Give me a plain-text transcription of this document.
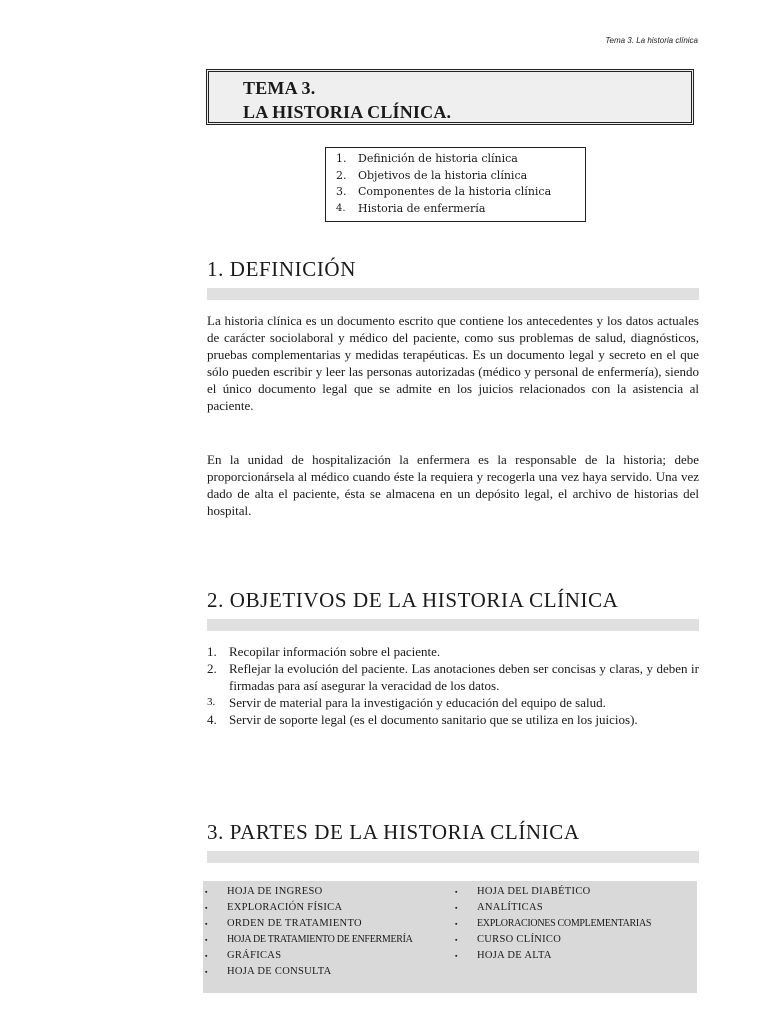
Tema 3. La historia clínica
TEMA 3.
LA HISTORIA CLÍNICA.
1.	Definición de historia clínica
2.	Objetivos de la historia clínica
3.	Componentes de la historia clínica
4.	Historia de enfermería
1. DEFINICIÓN

La historia clínica es un documento escrito que contiene los antecedentes y los datos actuales de carácter sociolaboral y médico del paciente, como sus problemas de salud, diagnósticos, pruebas complementarias y medidas terapéuticas. Es un documento legal y secreto en el que sólo pueden escribir y leer las personas autorizadas (médico y personal de enfermería), siendo el único documento legal que se admite en los juicios relacionados con la asistencia al paciente.

En la unidad de hospitalización la enfermera es la responsable de la historia; debe proporcionársela al médico cuando éste la requiera y recogerla una vez haya servido. Una vez dado de alta el paciente, ésta se almacena en un depósito legal, el archivo de historias del hospital.

2. OBJETIVOS DE LA HISTORIA CLÍNICA
1. Recopilar información sobre el paciente.
2. Reflejar la evolución del paciente. Las anotaciones deben ser concisas y claras, y deben ir firmadas para así asegurar la veracidad de los datos.
3.	Servir de material para la investigación y educación del equipo de salud.
4. Servir de soporte legal (es el documento sanitario que se utiliza en los juicios).
3. PARTES DE LA HISTORIA CLÍNICA
▪	HOJA DE INGRESO
▪	EXPLORACIÓN FÍSICA
▪	ORDEN DE TRATAMIENTO
▪	HOJA DE TRATAMIENTO DE ENFERMERÍA
▪	GRÁFICAS
▪	HOJA DE CONSULTA
▪	HOJA DEL DIABÉTICO
▪	ANALÍTICAS
▪	EXPLORACIONES COMPLEMENTARIAS
▪	CURSO CLÍNICO
▪	HOJA DE ALTA
